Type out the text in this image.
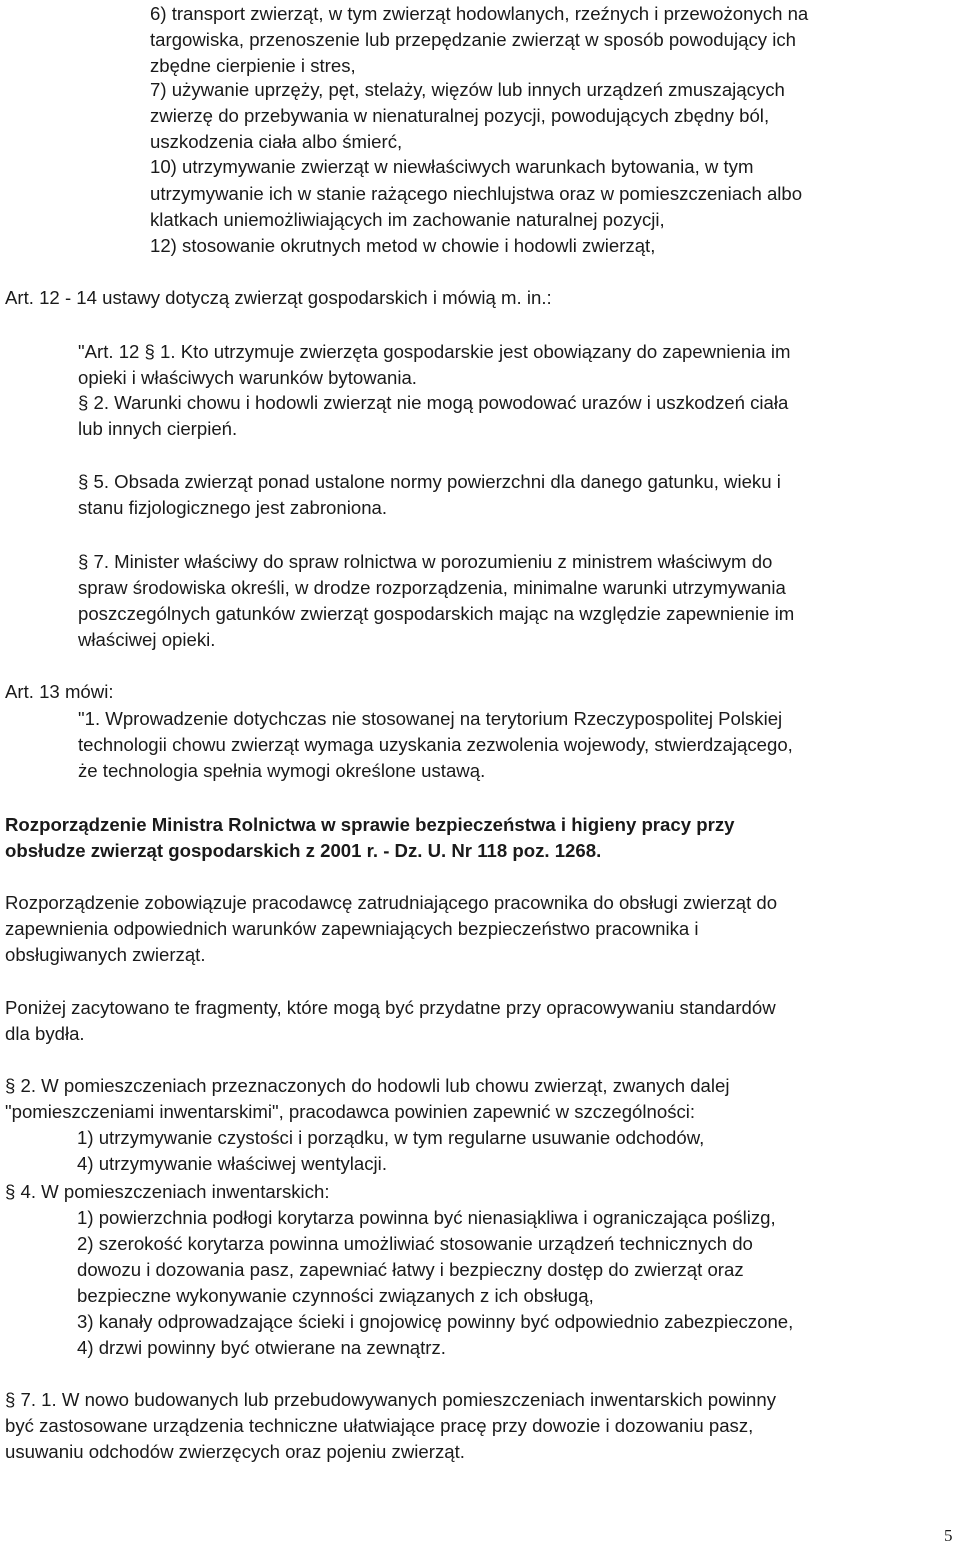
6) transport zwierząt, w tym zwierząt hodowlanych, rzeźnych i przewożonych na
targowiska, przenoszenie lub przepędzanie zwierząt w sposób powodujący ich
zbędne cierpienie i stres,
7) używanie uprzęży, pęt, stelaży, więzów lub innych urządzeń zmuszających
zwierzę do przebywania w nienaturalnej pozycji, powodujących zbędny ból,
uszkodzenia ciała albo śmierć,
10) utrzymywanie zwierząt w niewłaściwych warunkach bytowania, w tym
utrzymywanie ich w stanie rażącego niechlujstwa oraz w pomieszczeniach albo
klatkach uniemożliwiających im zachowanie naturalnej pozycji,
12) stosowanie okrutnych metod w chowie i hodowli zwierząt,
Art. 12 - 14 ustawy dotyczą zwierząt gospodarskich i mówią m. in.:
"Art. 12 § 1. Kto utrzymuje zwierzęta gospodarskie jest obowiązany do zapewnienia im
opieki i właściwych warunków bytowania.
§ 2. Warunki chowu i hodowli zwierząt nie mogą powodować urazów i uszkodzeń ciała
lub innych cierpień.
§ 5. Obsada zwierząt ponad ustalone normy powierzchni dla danego gatunku, wieku i
stanu fizjologicznego jest zabroniona.
§ 7. Minister właściwy do spraw rolnictwa w porozumieniu z ministrem właściwym do
spraw środowiska określi, w drodze rozporządzenia, minimalne warunki utrzymywania
poszczególnych gatunków zwierząt gospodarskich mając na względzie zapewnienie im
właściwej opieki.
Art. 13 mówi:
"1. Wprowadzenie dotychczas nie stosowanej na terytorium Rzeczypospolitej Polskiej
technologii chowu zwierząt wymaga uzyskania zezwolenia wojewody, stwierdzającego,
że technologia spełnia wymogi określone ustawą.
Rozporządzenie Ministra Rolnictwa w sprawie bezpieczeństwa i higieny pracy przy
obsłudze zwierząt gospodarskich z 2001 r. - Dz. U. Nr 118 poz. 1268.
Rozporządzenie zobowiązuje pracodawcę zatrudniającego pracownika do obsługi zwierząt do
zapewnienia odpowiednich warunków zapewniających bezpieczeństwo pracownika i
obsługiwanych zwierząt.
Poniżej zacytowano te fragmenty, które mogą być przydatne przy opracowywaniu standardów
dla bydła.
§ 2. W pomieszczeniach przeznaczonych do hodowli lub chowu zwierząt, zwanych dalej
"pomieszczeniami inwentarskimi", pracodawca powinien zapewnić w szczególności:
1) utrzymywanie czystości i porządku, w tym regularne usuwanie odchodów,
4) utrzymywanie właściwej wentylacji.
§ 4. W pomieszczeniach inwentarskich:
1) powierzchnia podłogi korytarza powinna być nienasiąkliwa i ograniczająca poślizg,
2) szerokość korytarza powinna umożliwiać stosowanie urządzeń technicznych do
dowozu i dozowania pasz, zapewniać łatwy i bezpieczny dostęp do zwierząt oraz
bezpieczne wykonywanie czynności związanych z ich obsługą,
3) kanały odprowadzające ścieki i gnojowicę powinny być odpowiednio zabezpieczone,
4) drzwi powinny być otwierane na zewnątrz.
§ 7. 1. W nowo budowanych lub przebudowywanych pomieszczeniach inwentarskich powinny
być zastosowane urządzenia techniczne ułatwiające pracę przy dowozie i dozowaniu pasz,
usuwaniu odchodów zwierzęcych oraz pojeniu zwierząt.
5
